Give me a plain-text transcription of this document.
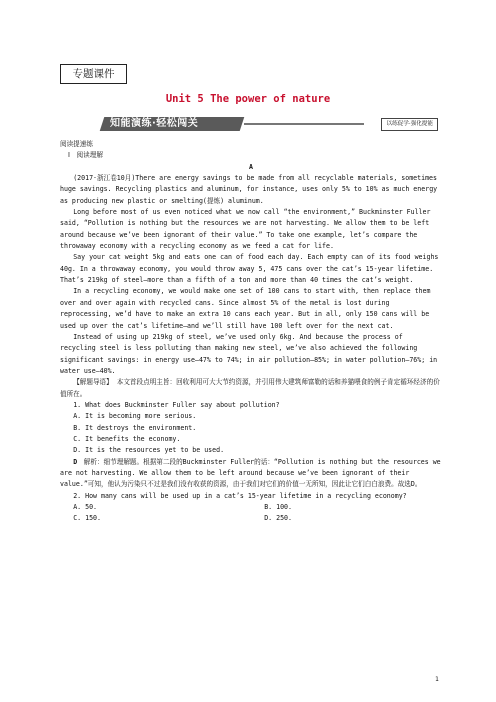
专题课件
Unit 5 The power of nature
知能演练·轻松闯关	以练促学·强化提能

阅读提速练

Ⅰ　阅读理解

A

(2017·浙江卷10月)There are energy savings to be made from all recyclable materials, sometimes huge savings. Recycling plastics and aluminum, for instance, uses only 5% to 10% as much energy as producing new plastic or smelting(提炼) aluminum.

Long before most of us even noticed what we now call “the environment,” Buckminster Fuller said, “Pollution is nothing but the resources we are not harvesting. We allow them to be left around because we’ve been ignorant of their value.” To take one example, let’s compare the throwaway economy with a recycling economy as we feed a cat for life.

Say your cat weight 5kg and eats one can of food each day. Each empty can of its food weighs 40g. In a throwaway economy, you would throw away 5, 475 cans over the cat’s 15-year lifetime. That’s 219kg of steel—more than a fifth of a ton and more than 40 times the cat’s weight.

In a recycling economy, we would make one set of 100 cans to start with, then replace them over and over again with recycled cans. Since almost 5% of the metal is lost during reprocessing, we’d have to make an extra 10 cans each year. But in all, only 150 cans will be used up over the cat’s lifetime—and we’ll still have 100 left over for the next cat.

Instead of using up 219kg of steel, we’ve used only 6kg. And because the process of recycling steel is less polluting than making new steel, we’ve also achieved the following significant savings: in energy use—47% to 74%; in air pollution—85%; in water pollution—76%; in water use—40%.

【解题导语】 本文首段点明主旨：回收利用可大大节约资源，并引用伟大建筑师富勒的话和养猫喂食的例子肯定循环经济的价值所在。

1. What does Buckminster Fuller say about pollution?

A. It is becoming more serious.

B. It destroys the environment.

C. It benefits the economy.

D. It is the resources yet to be used.

D　 解析：细节理解题。根据第二段的Buckminster Fuller的话：“Pollution is nothing but the resources we are not harvesting. We allow them to be left around because we’ve been ignorant of their value.”可知，他认为污染只不过是我们没有收获的资源，由于我们对它们的价值一无所知，因此让它们白白浪费。故选D。

2. How many cans will be used up in a cat’s 15-year lifetime in a recycling economy?

A. 50.	B. 100.
C. 150.	D. 250.
1
